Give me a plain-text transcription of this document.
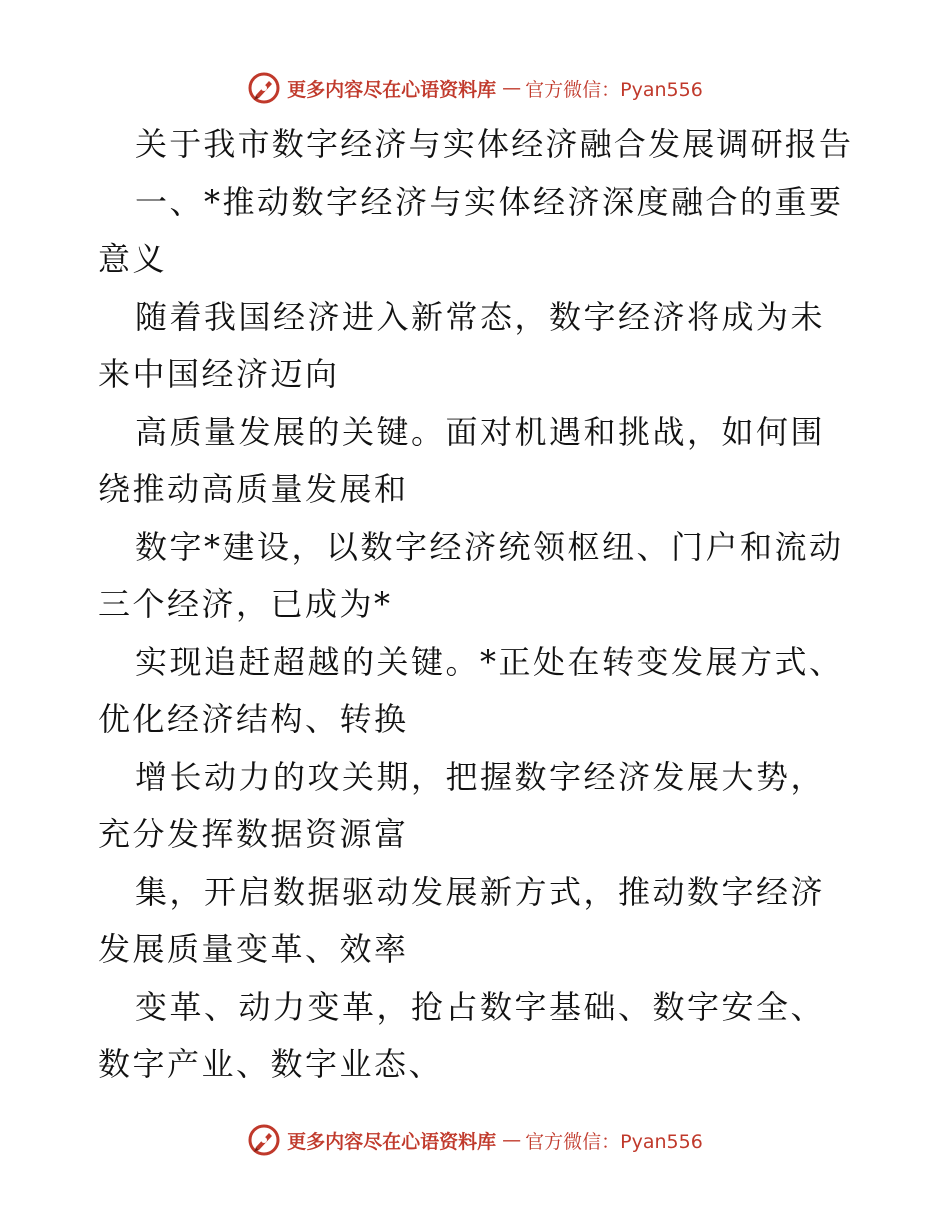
更多内容尽在心语资料库 — 官方微信：Pyan556

关于我市数字经济与实体经济融合发展调研报告

一、*推动数字经济与实体经济深度融合的重要意义

随着我国经济进入新常态，数字经济将成为未来中国经济迈向

高质量发展的关键。面对机遇和挑战，如何围绕推动高质量发展和

数字*建设，以数字经济统领枢纽、门户和流动三个经济，已成为*

实现追赶超越的关键。*正处在转变发展方式、优化经济结构、转换

增长动力的攻关期，把握数字经济发展大势，充分发挥数据资源富

集，开启数据驱动发展新方式，推动数字经济发展质量变革、效率

变革、动力变革，抢占数字基础、数字安全、数字产业、数字业态、

更多内容尽在心语资料库 — 官方微信：Pyan556
